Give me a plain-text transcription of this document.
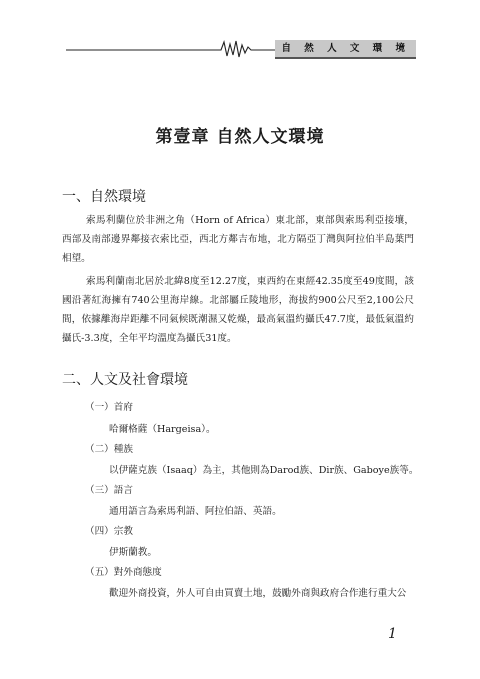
自 然 人 文 環 境
第壹章 自然人文環境
一、自然環境
索馬利蘭位於非洲之角（Horn of Africa）東北部，東部與索馬利亞接壤，西部及南部邊界鄰接衣索比亞，西北方鄰吉布地，北方隔亞丁灣與阿拉伯半島葉門相望。
索馬利蘭南北居於北緯8度至12.27度，東西約在東經42.35度至49度間，該國沿著紅海擁有740公里海岸線。北部屬丘陵地形，海拔約900公尺至2,100公尺間，依據離海岸距離不同氣候既潮濕又乾燥，最高氣溫約攝氏47.7度，最低氣溫約攝氏-3.3度，全年平均溫度為攝氏31度。
二、人文及社會環境
（一）首府
哈爾格薩（Hargeisa）。
（二）種族
以伊薩克族（Isaaq）為主，其他則為Darod族、Dir族、Gaboye族等。
（三）語言
通用語言為索馬利語、阿拉伯語、英語。
（四）宗教
伊斯蘭教。
（五）對外商態度
歡迎外商投資，外人可自由買賣土地，鼓勵外商與政府合作進行重大公
1
